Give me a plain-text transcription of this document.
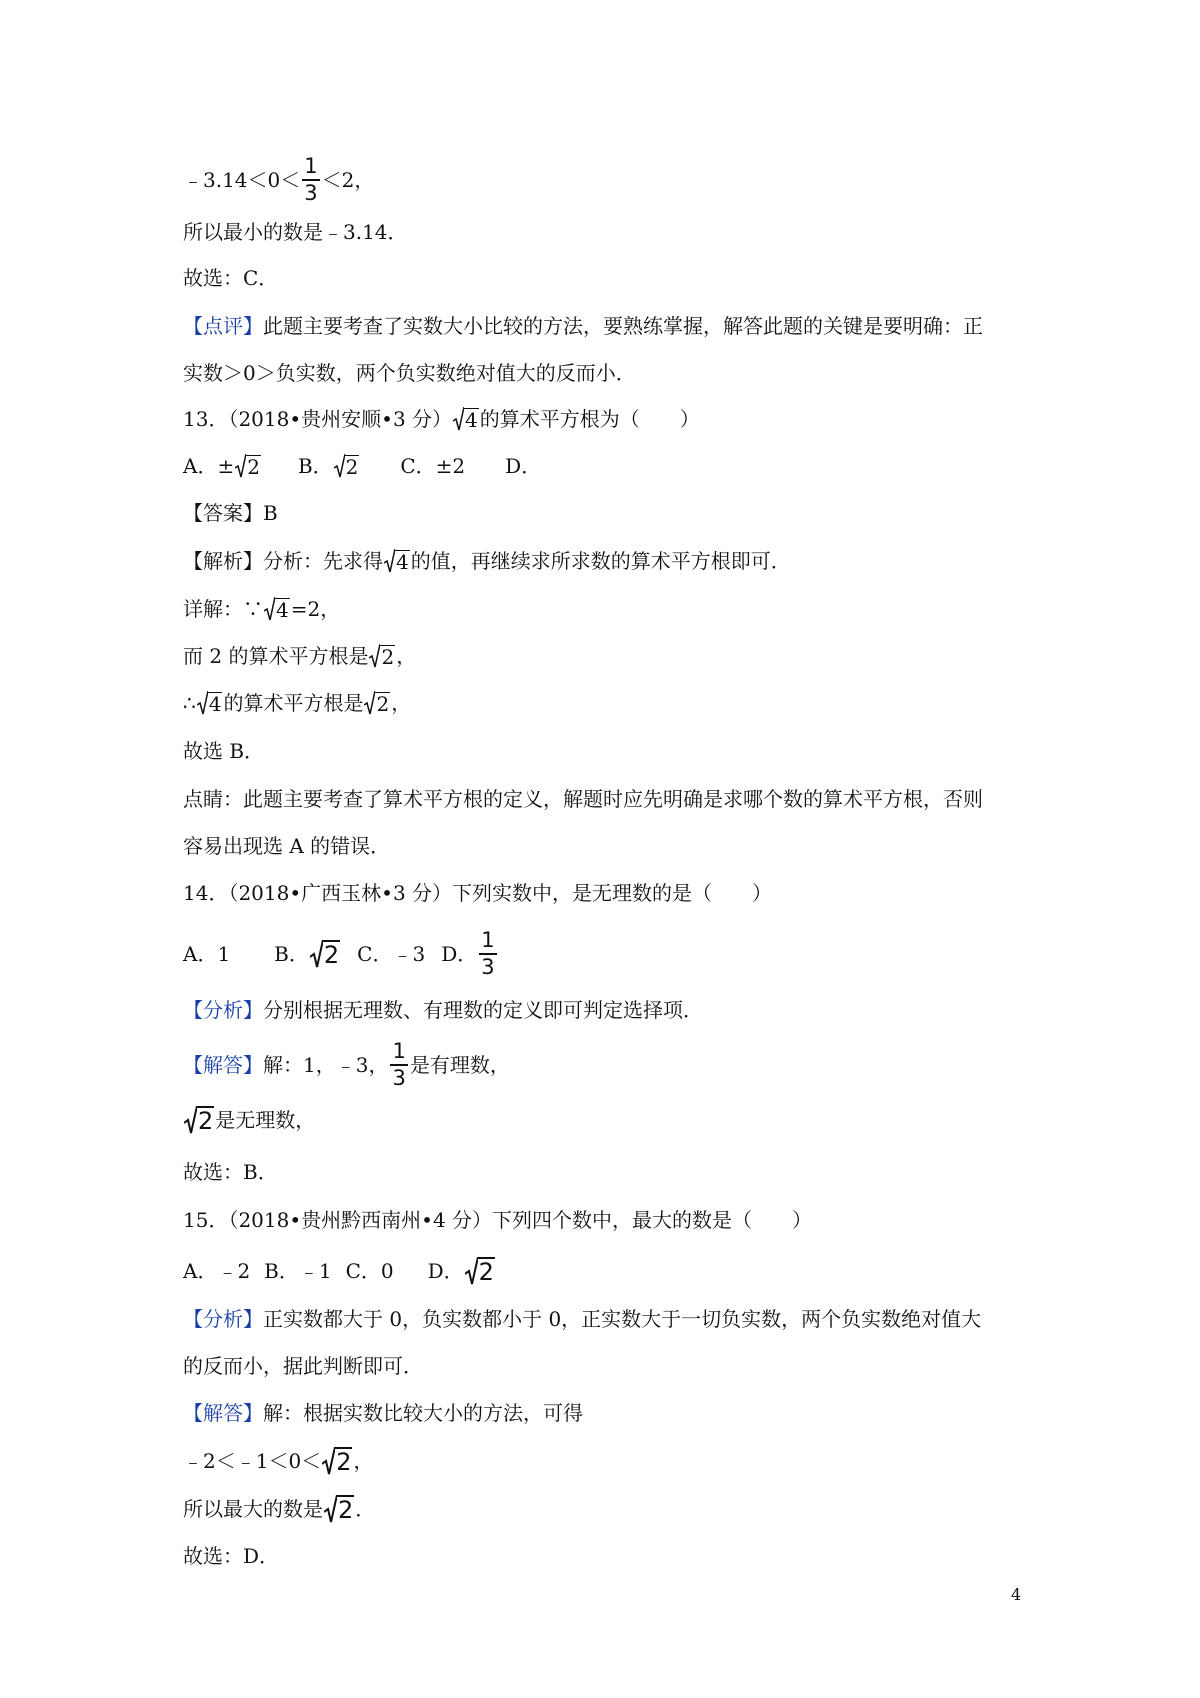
﹣3.14＜0＜ $\frac{1}{3} <2$，
所以最小的数是﹣3.14．
故选：C．
【点评】 此题主要考查了实数大小比较的方法，要熟练掌握，解答此题的关键是要明确：正
实数＞0＞负实数，两个负实数绝对值大的反而小．
13．（2018•贵州安顺•3 分） 4 的算术平方根为（　　）
A．± 2 B． 2 C．±2 D．
【答案】B
【解析】分析：先求得 4 的值，再继续求所求数的算术平方根即可．
详解：∵ 4 =2，
而 2 的算术平方根是 2 ，
∴ 4 的算术平方根是 2 ，
故选 B．
点睛：此题主要考查了算术平方根的定义，解题时应先明确是求哪个数的算术平方根，否则
容易出现选 A 的错误．
14．（2018•广西玉林•3 分）下列实数中，是无理数的是（　　）
A．1 B． 2 C．﹣3 D． $\frac{1}{3}$
【分析】 分别根据无理数、有理数的定义即可判定选择项．
【解答】 解：1，﹣3， $\frac{1}{3}$ 是有理数，
2 是无理数，
故选：B．
15．（2018•贵州黔西南州•4 分）下列四个数中，最大的数是（　　）
A．﹣2 B．﹣1 C．0 D． 2
【分析】 正实数都大于 0，负实数都小于 0，正实数大于一切负实数，两个负实数绝对值大
的反而小，据此判断即可．
【解答】 解：根据实数比较大小的方法，可得
﹣2＜﹣1＜0＜ 2 ，
所以最大的数是 2 ．
故选：D．
4
